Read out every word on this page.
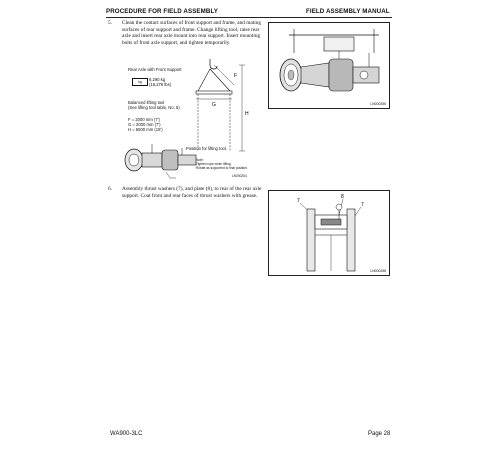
PROCEDURE FOR FIELD ASSEMBLY	FIELD ASSEMBLY MANUAL
5. Clean the contact surfaces of front support and frame, and mating
surfaces of rear support and frame. Change lifting tool, raise rear
axle and insert rear axle mount into rear support. Insert mounting
bolts of front axle support, and tighten temporarily.
Rear Axle with Front Support
kg	8,290 kg
(18,276 lbs)
Balanced lifting tool
(See lifting tool table, No. 5)
F = 2000 mm (7')
G = 2000 mm (7')
H = 5500 mm (18')
F
G
H
Position for lifting tool.
Note:
Tighten rope when lifting.
Rotate as supported to final position.
LN000254
LN000256
6. Assembly thrust washers (7), and plate (8), to rear of the rear axle
support. Coat front and rear faces of thrust washers with grease.
7
8
7
LN000258
WA900-3LC	Page 28
